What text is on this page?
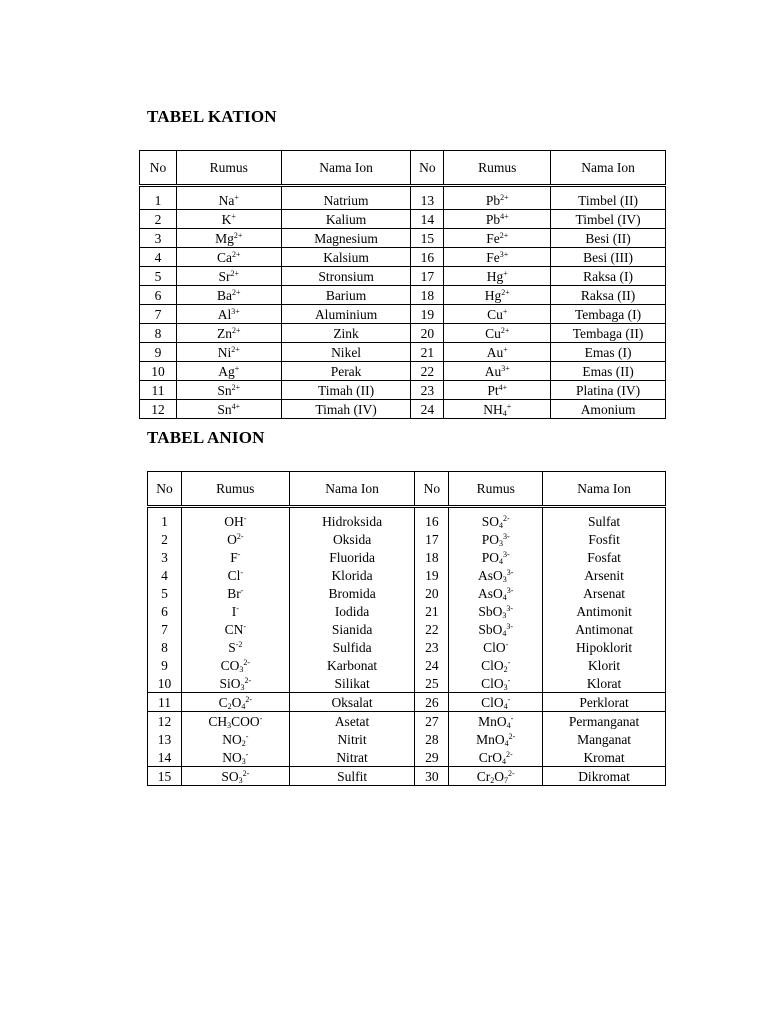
TABEL KATION
No	Rumus	Nama Ion	No	Rumus	Nama Ion
1	Na+	Natrium	13	$Pb^{2+}$	Timbel (II)
2	K+	Kalium	14	$Pb^{4+}$	Timbel (IV)
3	$Mg^{2+}$	Magnesium	15	$Fe^{2+}$	Besi (II)
4	$Ca^{2+}$	Kalsium	16	$Fe^{3+}$	Besi (III)
5	$Sr^{2+}$	Stronsium	17	Hg+	Raksa (I)
6	$Ba^{2+}$	Barium	18	$Hg^{2+}$	Raksa (II)
7	$Al^{3+}$	Aluminium	19	Cu+	Tembaga (I)
8	$Zn^{2+}$	Zink	20	$Cu^{2+}$	Tembaga (II)
9	$Ni^{2+}$	Nikel	21	Au+	Emas (I)
10	Ag+	Perak	22	$Au^{3+}$	Emas (II)
11	$Sn^{2+}$	Timah (II)	23	$Pt^{4+}$	Platina (IV)
12	$Sn^{4+}$	Timah (IV)	24	$NH_4^+$	Amonium
TABEL ANION
No	Rumus	Nama Ion	No	Rumus	Nama Ion
1	OH-	Hidroksida	16	$SO_4^{2-}$	Sulfat
2	$O^{2-}$	Oksida	17	$PO_3^{3-}$	Fosfit
3	F-	Fluorida	18	$PO_4^{3-}$	Fosfat
4	Cl-	Klorida	19	AsO$_3^{3-}$	Arsenit
5	Br-	Bromida	20	AsO$_4^{3-}$	Arsenat
6	I-	Iodida	21	SbO$_3^{3-}$	Antimonit
7	CN-	Sianida	22	SbO$_4^{3-}$	Antimonat
8	$S^{-2}$	Sulfida	23	ClO-	Hipoklorit
9	$CO_3^{2-}$	Karbonat	24	ClO$_2$-	Klorit
10	SiO$_3^{2-}$	Silikat	25	ClO$_3$-	Klorat
11	$C_2O_4^{2-}$	Oksalat	26	ClO$_4$-	Perklorat
12	$CH_3COO^-$	Asetat	27	MnO$_4$-	Permanganat
13	$NO_2^-$	Nitrit	28	MnO$_4^{2-}$	Manganat
14	$NO_3^-$	Nitrat	29	CrO$_4^{2-}$	Kromat
15	$SO_3^{2-}$	Sulfit	30	$Cr_2O_7^{2-}$	Dikromat
